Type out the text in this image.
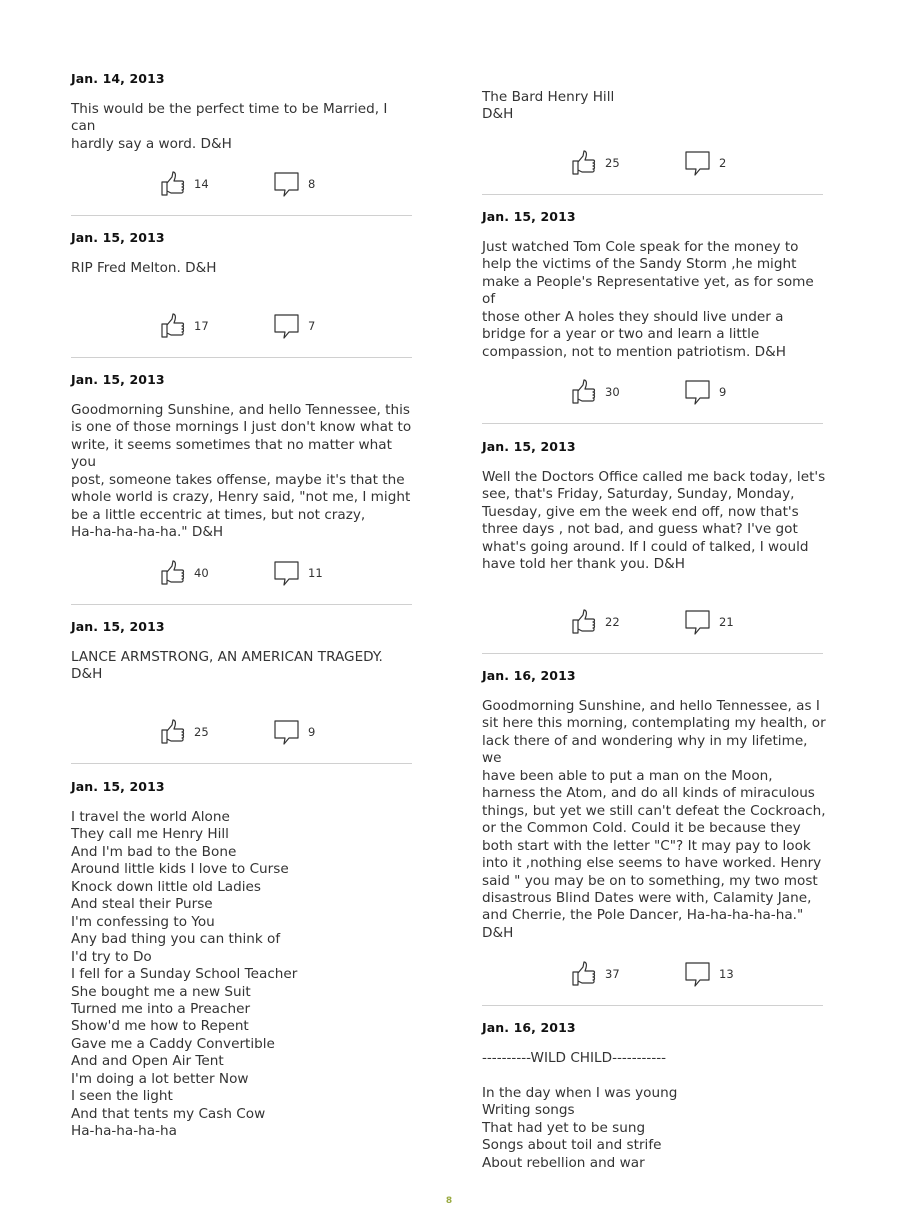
Jan. 14, 2013
This would be the perfect time to be Married, I can
hardly say a word. D&H
14	8
Jan. 15, 2013
RIP Fred Melton. D&H
17	7
Jan. 15, 2013
Goodmorning Sunshine, and hello Tennessee, this
is one of those mornings I just don't know what to
write, it seems sometimes that no matter what you
post, someone takes offense, maybe it's that the
whole world is crazy, Henry said, "not me, I might
be a little eccentric at times, but not crazy,
Ha-ha-ha-ha-ha." D&H
40	11
Jan. 15, 2013
LANCE ARMSTRONG, AN AMERICAN TRAGEDY.
D&H
25	9
Jan. 15, 2013
I travel the world Alone
They call me Henry Hill
And I'm bad to the Bone
Around little kids I love to Curse
Knock down little old Ladies
And steal their Purse
I'm confessing to You
Any bad thing you can think of
I'd try to Do
I fell for a Sunday School Teacher
She bought me a new Suit
Turned me into a Preacher
Show'd me how to Repent
Gave me a Caddy Convertible
And and Open Air Tent
I'm doing a lot better Now
I seen the light
And that tents my Cash Cow
Ha-ha-ha-ha-ha
The Bard Henry Hill
D&H
25	2
Jan. 15, 2013
Just watched Tom Cole speak for the money to
help the victims of the Sandy Storm ,he might
make a People's Representative yet, as for some of
those other A holes they should live under a
bridge for a year or two and learn a little
compassion, not to mention patriotism. D&H
30	9
Jan. 15, 2013
Well the Doctors Office called me back today, let's
see, that's Friday, Saturday, Sunday, Monday,
Tuesday, give em the week end off, now that's
three days , not bad, and guess what? I've got
what's going around. If I could of talked, I would
have told her thank you. D&H
22	21
Jan. 16, 2013
Goodmorning Sunshine, and hello Tennessee, as I
sit here this morning, contemplating my health, or
lack there of and wondering why in my lifetime, we
have been able to put a man on the Moon,
harness the Atom, and do all kinds of miraculous
things, but yet we still can't defeat the Cockroach,
or the Common Cold. Could it be because they
both start with the letter "C"? It may pay to look
into it ,nothing else seems to have worked. Henry
said " you may be on to something, my two most
disastrous Blind Dates were with, Calamity Jane,
and Cherrie, the Pole Dancer, Ha-ha-ha-ha-ha."
D&H
37	13
Jan. 16, 2013
----------WILD CHILD-----------

In the day when I was young
Writing songs
That had yet to be sung
Songs about toil and strife
About rebellion and war
8
